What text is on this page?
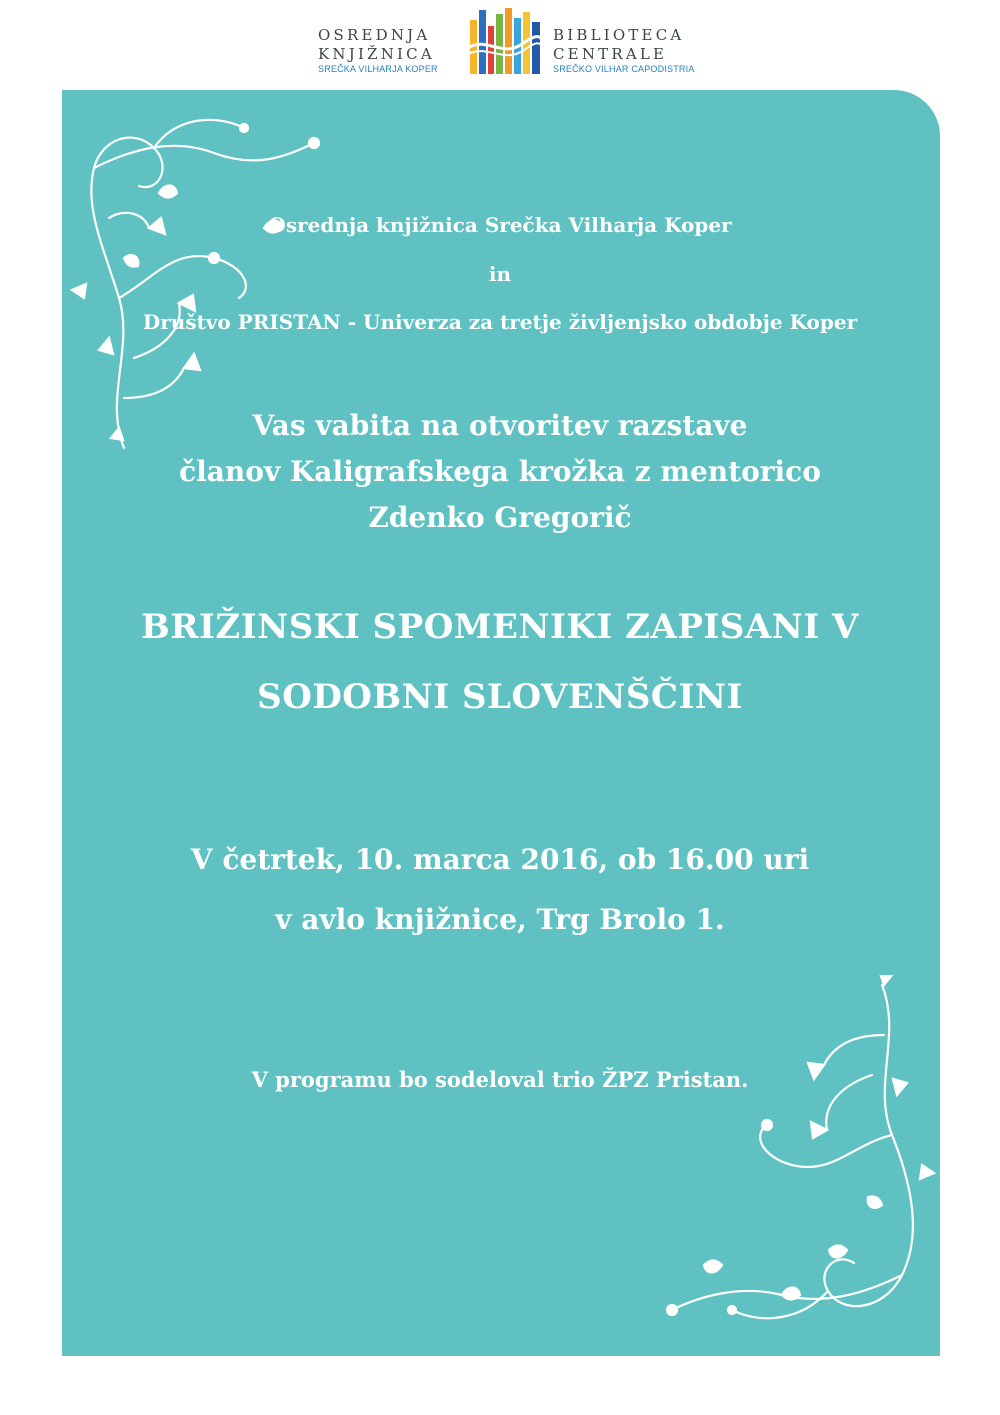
OSREDNJA
KNJIŽNICA
SREČKA VILHARJA KOPER
BIBLIOTECA
CENTRALE
SREČKO VILHAR CAPODISTRIA
Osrednja knjižnica Srečka Vilharja Koper
in
Društvo PRISTAN - Univerza za tretje življenjsko obdobje Koper
Vas vabita na otvoritev razstave
članov Kaligrafskega krožka z mentorico
Zdenko Gregorič
BRIŽINSKI SPOMENIKI ZAPISANI V
SODOBNI SLOVENŠČINI
V četrtek, 10. marca 2016, ob 16.00 uri
v avlo knjižnice, Trg Brolo 1.
V programu bo sodeloval trio ŽPZ Pristan.
